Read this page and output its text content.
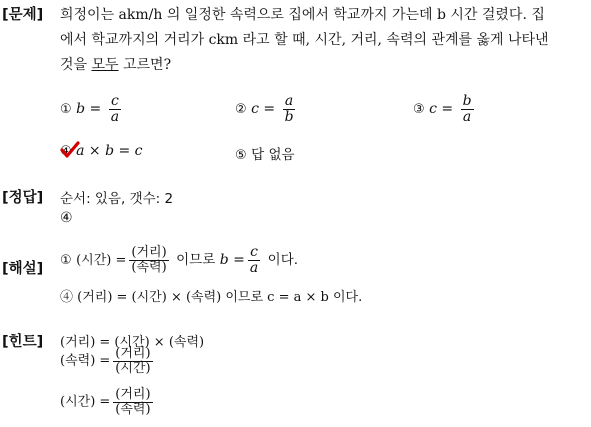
[문제] 희정이는 akm/h 의 일정한 속력으로 집에서 학교까지 가는데 b 시간 걸렸다. 집
에서 학교까지의 거리가 ckm 라고 할 때, 시간, 거리, 속력의 관계를 옳게 나타낸
것을 모두 고르면?
① $b = \frac{c}{a}$	② $c = \frac{a}{b}$	③ $c = \frac{b}{a}$
④ a × b = c	⑤ 답 없음
[정답] 순서: 있음, 갯수: 2
④
[해설]
① (시간) = $\frac{\text{(거리)}}{\text{(속력)}}$ 이므로 $b = \frac{c}{a}$ 이다.
④ (거리) = (시간) × (속력) 이므로 c = a × b 이다.
[힌트] (거리) = (시간) × (속력)
(속력) = $\frac{\text{(거리)}}{\text{(시간)}}$
(시간) = $\frac{\text{(거리)}}{\text{(속력)}}$
